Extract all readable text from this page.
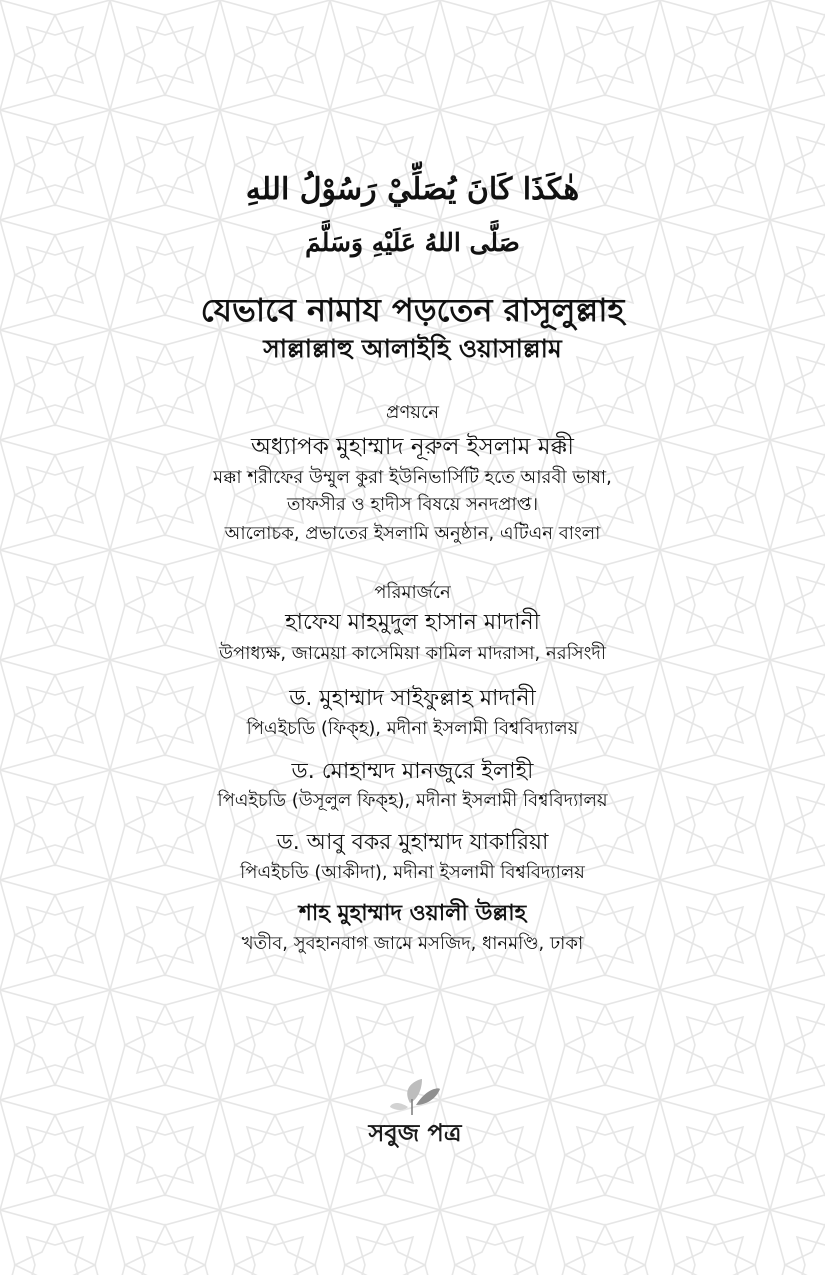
هٰكَذَا كَانَ يُصَلِّيْ رَسُوْلُ اللهِ
صَلَّى اللهُ عَلَيْهِ وَسَلَّمَ
যেভাবে নামায পড়তেন রাসূলুল্লাহ
সাল্লাল্লাহু আলাইহি ওয়াসাল্লাম
প্রণয়নে
অধ্যাপক মুহাম্মাদ নূরুল ইসলাম মক্কী
মক্কা শরীফের উম্মুল কুরা ইউনিভার্সিটি হতে আরবী ভাষা,
তাফসীর ও হাদীস বিষয়ে সনদপ্রাপ্ত।
আলোচক, প্রভাতের ইসলামি অনুষ্ঠান, এটিএন বাংলা
পরিমার্জনে
হাফেয মাহমুদুল হাসান মাদানী
উপাধ্যক্ষ, জামেয়া কাসেমিয়া কামিল মাদরাসা, নরসিংদী
ড. মুহাম্মাদ সাইফুল্লাহ মাদানী
পিএইচডি (ফিক্হ), মদীনা ইসলামী বিশ্ববিদ্যালয়
ড. মোহাম্মদ মানজুরে ইলাহী
পিএইচডি (উসূলুল ফিক্হ), মদীনা ইসলামী বিশ্ববিদ্যালয়
ড. আবু বকর মুহাম্মাদ যাকারিয়া
পিএইচডি (আকীদা), মদীনা ইসলামী বিশ্ববিদ্যালয়
শাহ মুহাম্মাদ ওয়ালী উল্লাহ
খতীব, সুবহানবাগ জামে মসজিদ, ধানমণ্ডি, ঢাকা
সবুজ পত্র
